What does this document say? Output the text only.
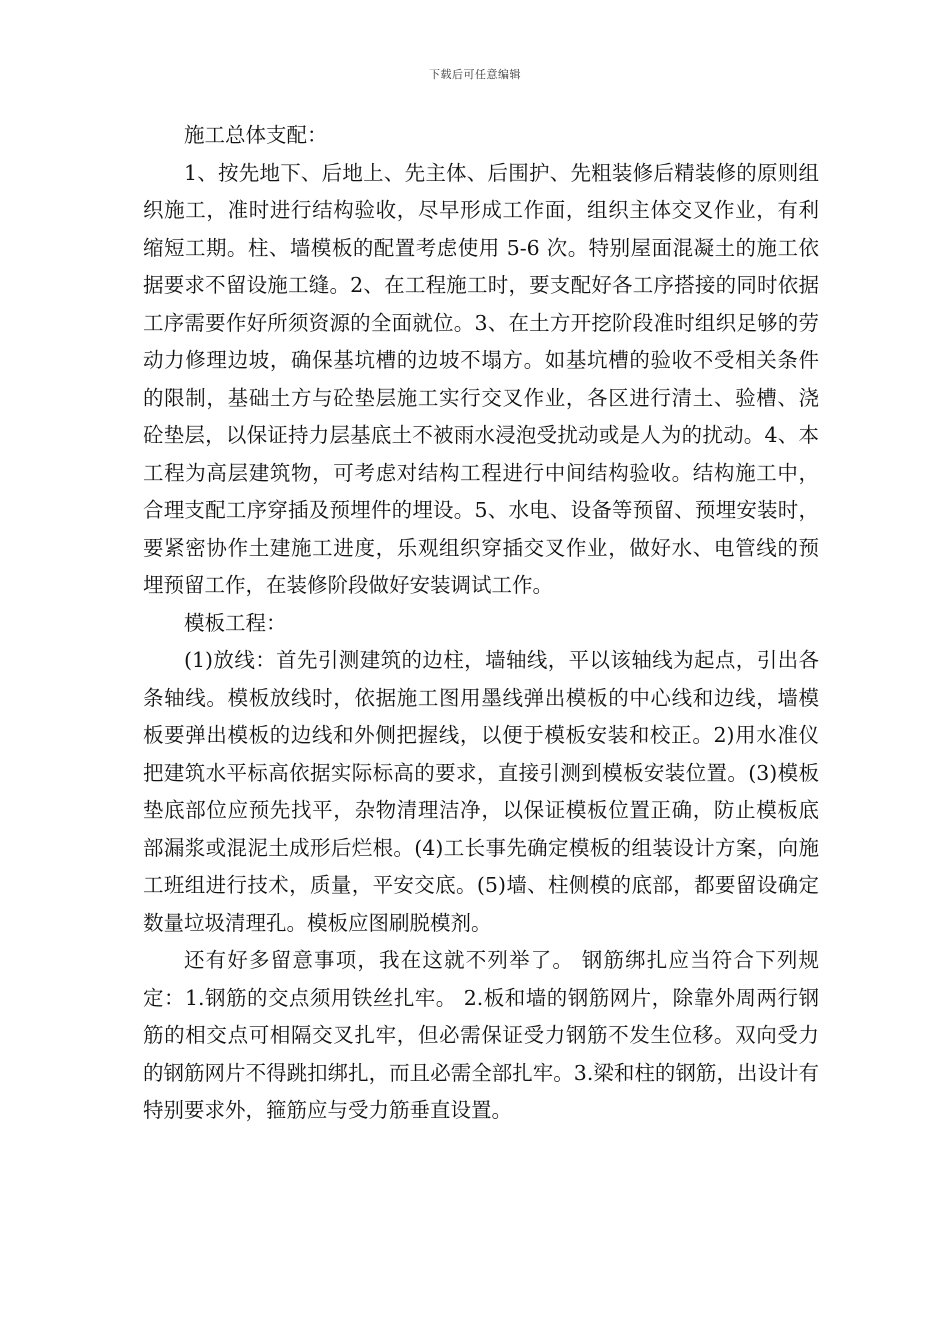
下载后可任意编辑

施工总体支配：

1、按先地下、后地上、先主体、后围护、先粗装修后精装修的原则组织施工，准时进行结构验收，尽早形成工作面，组织主体交叉作业，有利缩短工期。柱、墙模板的配置考虑使用 5-6 次。特别屋面混凝土的施工依据要求不留设施工缝。2、在工程施工时，要支配好各工序搭接的同时依据工序需要作好所须资源的全面就位。3、在土方开挖阶段准时组织足够的劳动力修理边坡，确保基坑槽的边坡不塌方。如基坑槽的验收不受相关条件的限制，基础土方与砼垫层施工实行交叉作业，各区进行清土、验槽、浇砼垫层，以保证持力层基底土不被雨水浸泡受扰动或是人为的扰动。4、本工程为高层建筑物，可考虑对结构工程进行中间结构验收。结构施工中，合理支配工序穿插及预埋件的埋设。5、水电、设备等预留、预埋安装时，要紧密协作土建施工进度，乐观组织穿插交叉作业，做好水、电管线的预埋预留工作，在装修阶段做好安装调试工作。

模板工程：

(1)放线：首先引测建筑的边柱，墙轴线，平以该轴线为起点，引出各条轴线。模板放线时，依据施工图用墨线弹出模板的中心线和边线，墙模板要弹出模板的边线和外侧把握线，以便于模板安装和校正。2)用水准仪把建筑水平标高依据实际标高的要求，直接引测到模板安装位置。(3)模板垫底部位应预先找平，杂物清理洁净，以保证模板位置正确，防止模板底部漏浆或混泥土成形后烂根。(4)工长事先确定模板的组装设计方案，向施工班组进行技术，质量，平安交底。(5)墙、柱侧模的底部，都要留设确定数量垃圾清理孔。模板应图刷脱模剂。

还有好多留意事项，我在这就不列举了。 钢筋绑扎应当符合下列规定：1.钢筋的交点须用铁丝扎牢。 2.板和墙的钢筋网片，除靠外周两行钢筋的相交点可相隔交叉扎牢，但必需保证受力钢筋不发生位移。双向受力的钢筋网片不得跳扣绑扎，而且必需全部扎牢。3.梁和柱的钢筋，出设计有特别要求外，箍筋应与受力筋垂直设置。
